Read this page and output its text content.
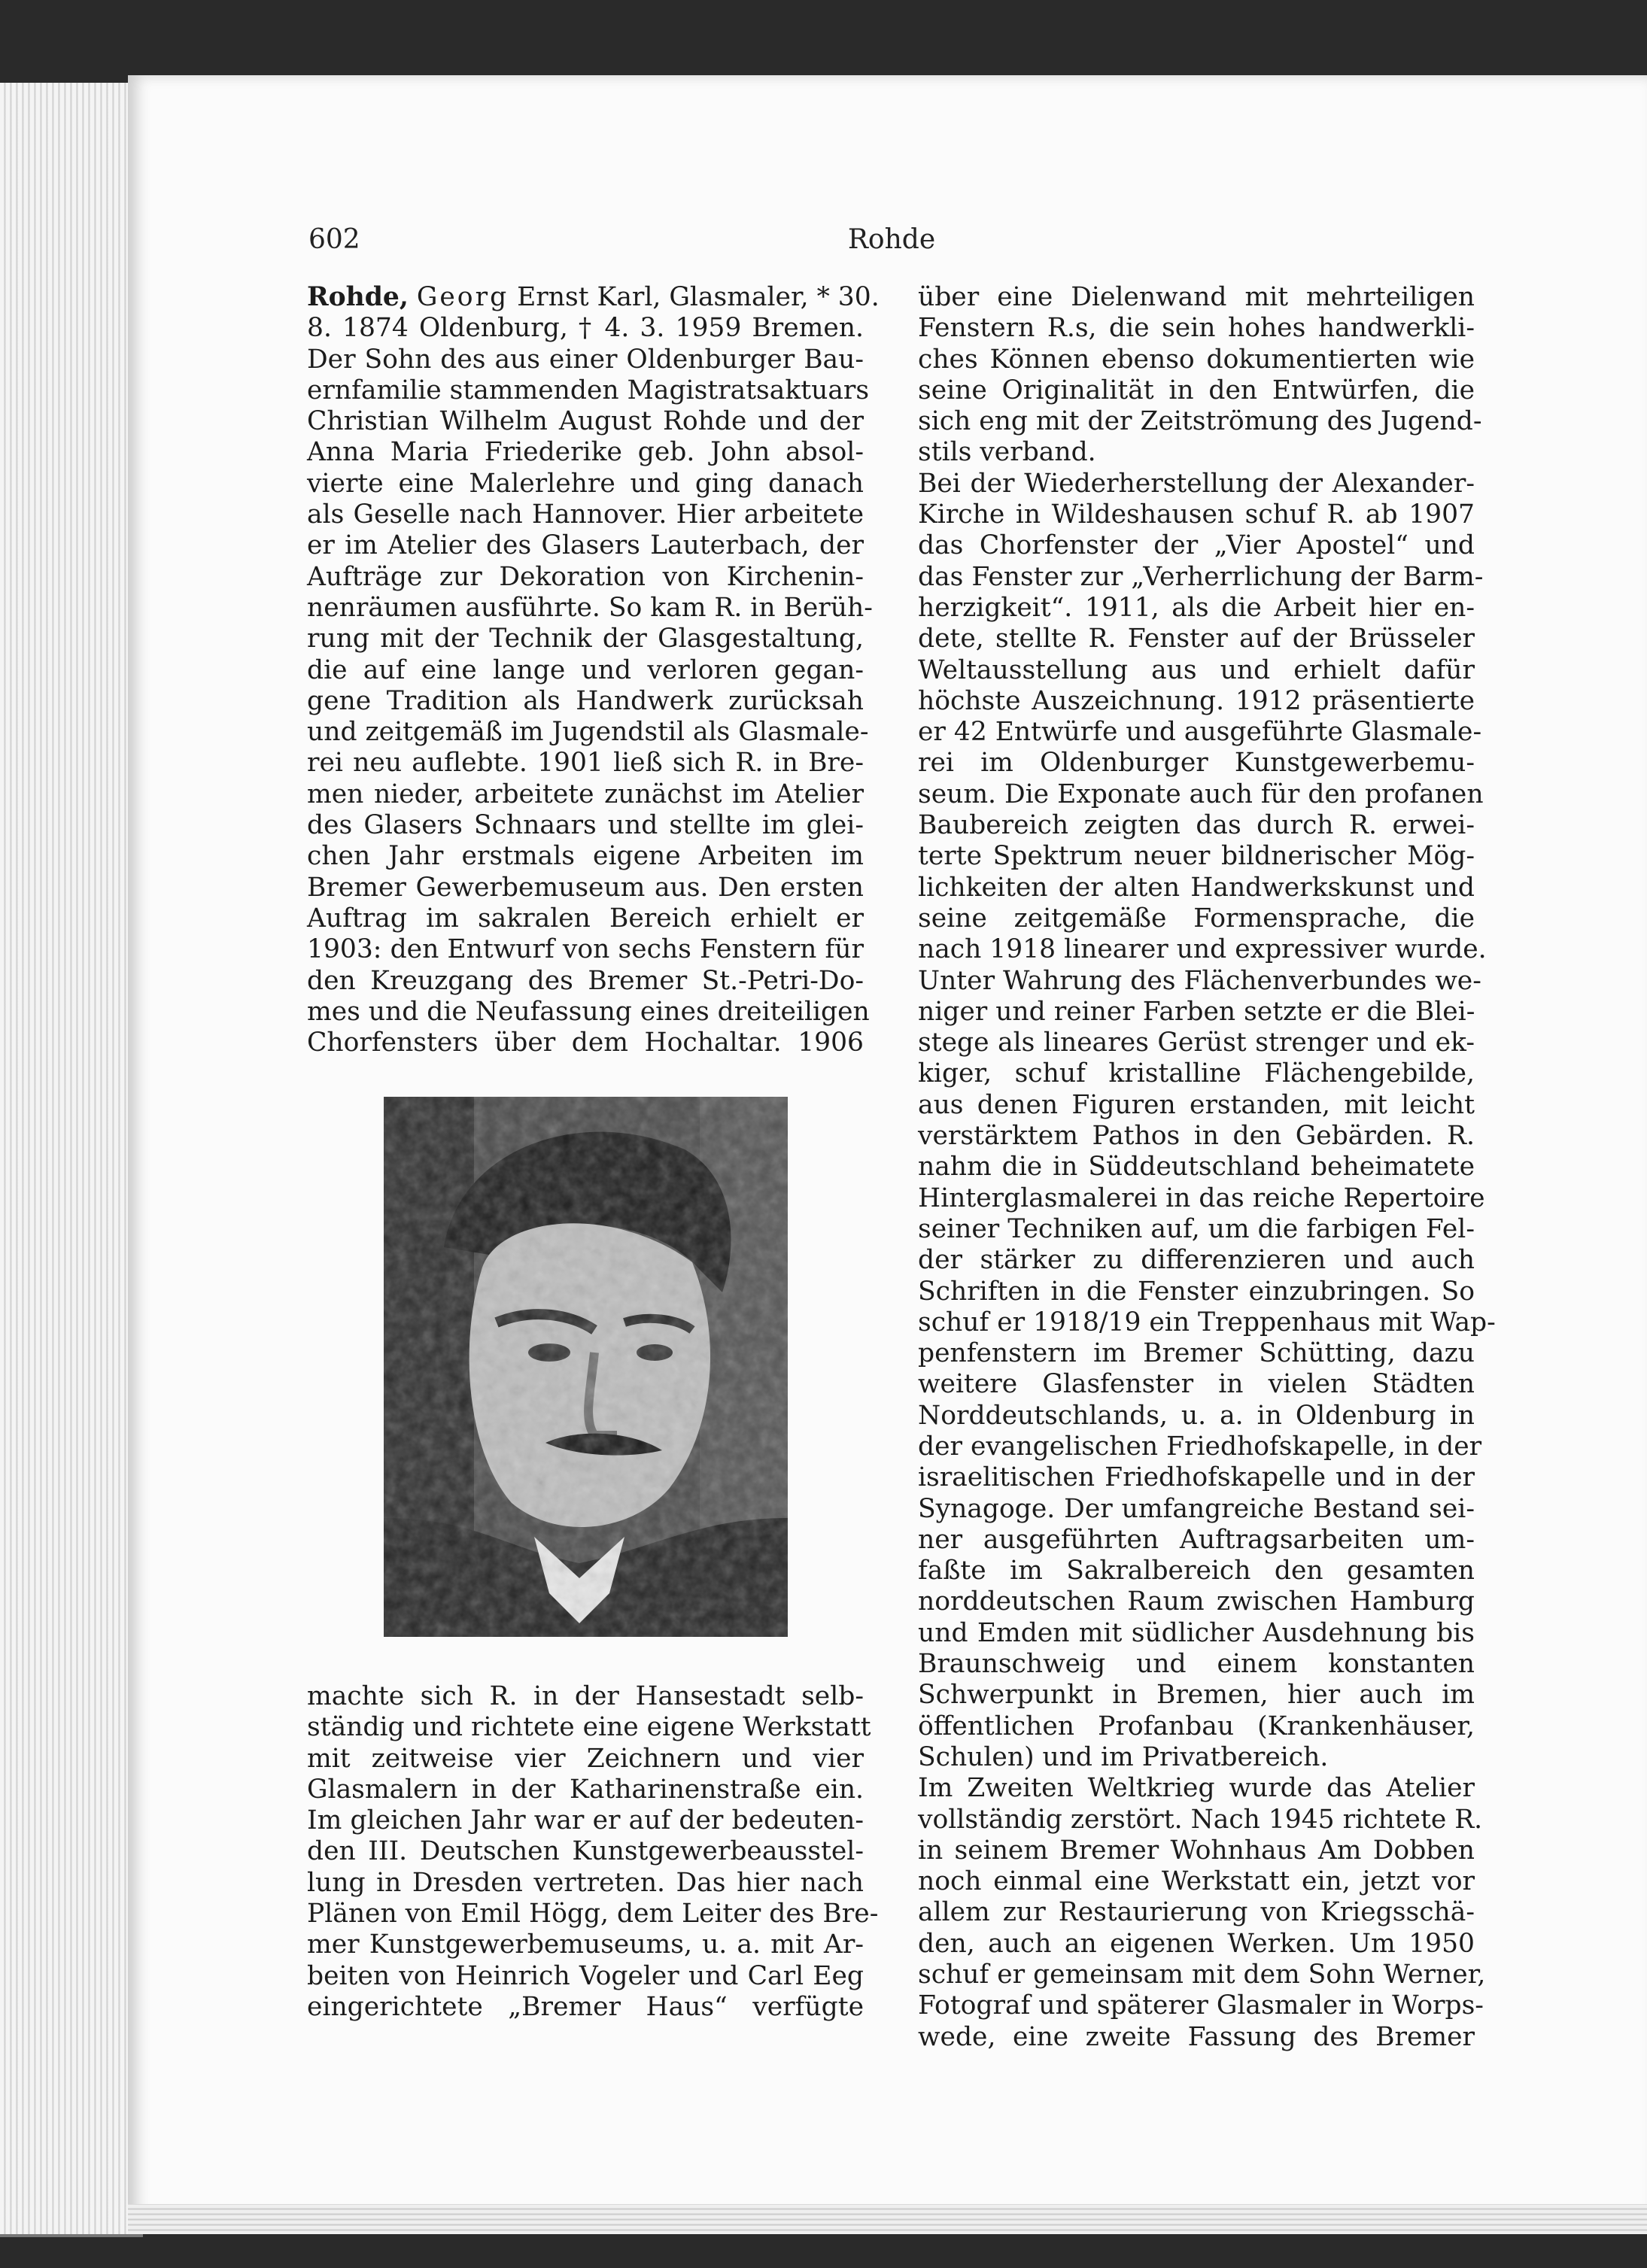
602	Rohde
Rohde, Georg Ernst Karl, Glasmaler, * 30.
8. 1874 Oldenburg, † 4. 3. 1959 Bremen.
Der Sohn des aus einer Oldenburger Bau-
ernfamilie stammenden Magistratsaktuars
Christian Wilhelm August Rohde und der
Anna Maria Friederike geb. John absol-
vierte eine Malerlehre und ging danach
als Geselle nach Hannover. Hier arbeitete
er im Atelier des Glasers Lauterbach, der
Aufträge zur Dekoration von Kirchenin-
nenräumen ausführte. So kam R. in Berüh-
rung mit der Technik der Glasgestaltung,
die auf eine lange und verloren gegan-
gene Tradition als Handwerk zurücksah
und zeitgemäß im Jugendstil als Glasmale-
rei neu auflebte. 1901 ließ sich R. in Bre-
men nieder, arbeitete zunächst im Atelier
des Glasers Schnaars und stellte im glei-
chen Jahr erstmals eigene Arbeiten im
Bremer Gewerbemuseum aus. Den ersten
Auftrag im sakralen Bereich erhielt er
1903: den Entwurf von sechs Fenstern für
den Kreuzgang des Bremer St.-Petri-Do-
mes und die Neufassung eines dreiteiligen
Chorfensters über dem Hochaltar. 1906
machte sich R. in der Hansestadt selb-
ständig und richtete eine eigene Werkstatt
mit zeitweise vier Zeichnern und vier
Glasmalern in der Katharinenstraße ein.
Im gleichen Jahr war er auf der bedeuten-
den III. Deutschen Kunstgewerbeausstel-
lung in Dresden vertreten. Das hier nach
Plänen von Emil Högg, dem Leiter des Bre-
mer Kunstgewerbemuseums, u. a. mit Ar-
beiten von Heinrich Vogeler und Carl Eeg
eingerichtete „Bremer Haus“ verfügte
über eine Dielenwand mit mehrteiligen
Fenstern R.s, die sein hohes handwerkli-
ches Können ebenso dokumentierten wie
seine Originalität in den Entwürfen, die
sich eng mit der Zeitströmung des Jugend-
stils verband.
Bei der Wiederherstellung der Alexander-
Kirche in Wildeshausen schuf R. ab 1907
das Chorfenster der „Vier Apostel“ und
das Fenster zur „Verherrlichung der Barm-
herzigkeit“. 1911, als die Arbeit hier en-
dete, stellte R. Fenster auf der Brüsseler
Weltausstellung aus und erhielt dafür
höchste Auszeichnung. 1912 präsentierte
er 42 Entwürfe und ausgeführte Glasmale-
rei im Oldenburger Kunstgewerbemu-
seum. Die Exponate auch für den profanen
Baubereich zeigten das durch R. erwei-
terte Spektrum neuer bildnerischer Mög-
lichkeiten der alten Handwerkskunst und
seine zeitgemäße Formensprache, die
nach 1918 linearer und expressiver wurde.
Unter Wahrung des Flächenverbundes we-
niger und reiner Farben setzte er die Blei-
stege als lineares Gerüst strenger und ek-
kiger, schuf kristalline Flächengebilde,
aus denen Figuren erstanden, mit leicht
verstärktem Pathos in den Gebärden. R.
nahm die in Süddeutschland beheimatete
Hinterglasmalerei in das reiche Repertoire
seiner Techniken auf, um die farbigen Fel-
der stärker zu differenzieren und auch
Schriften in die Fenster einzubringen. So
schuf er 1918/19 ein Treppenhaus mit Wap-
penfenstern im Bremer Schütting, dazu
weitere Glasfenster in vielen Städten
Norddeutschlands, u. a. in Oldenburg in
der evangelischen Friedhofskapelle, in der
israelitischen Friedhofskapelle und in der
Synagoge. Der umfangreiche Bestand sei-
ner ausgeführten Auftragsarbeiten um-
faßte im Sakralbereich den gesamten
norddeutschen Raum zwischen Hamburg
und Emden mit südlicher Ausdehnung bis
Braunschweig und einem konstanten
Schwerpunkt in Bremen, hier auch im
öffentlichen Profanbau (Krankenhäuser,
Schulen) und im Privatbereich.
Im Zweiten Weltkrieg wurde das Atelier
vollständig zerstört. Nach 1945 richtete R.
in seinem Bremer Wohnhaus Am Dobben
noch einmal eine Werkstatt ein, jetzt vor
allem zur Restaurierung von Kriegsschä-
den, auch an eigenen Werken. Um 1950
schuf er gemeinsam mit dem Sohn Werner,
Fotograf und späterer Glasmaler in Worps-
wede, eine zweite Fassung des Bremer
